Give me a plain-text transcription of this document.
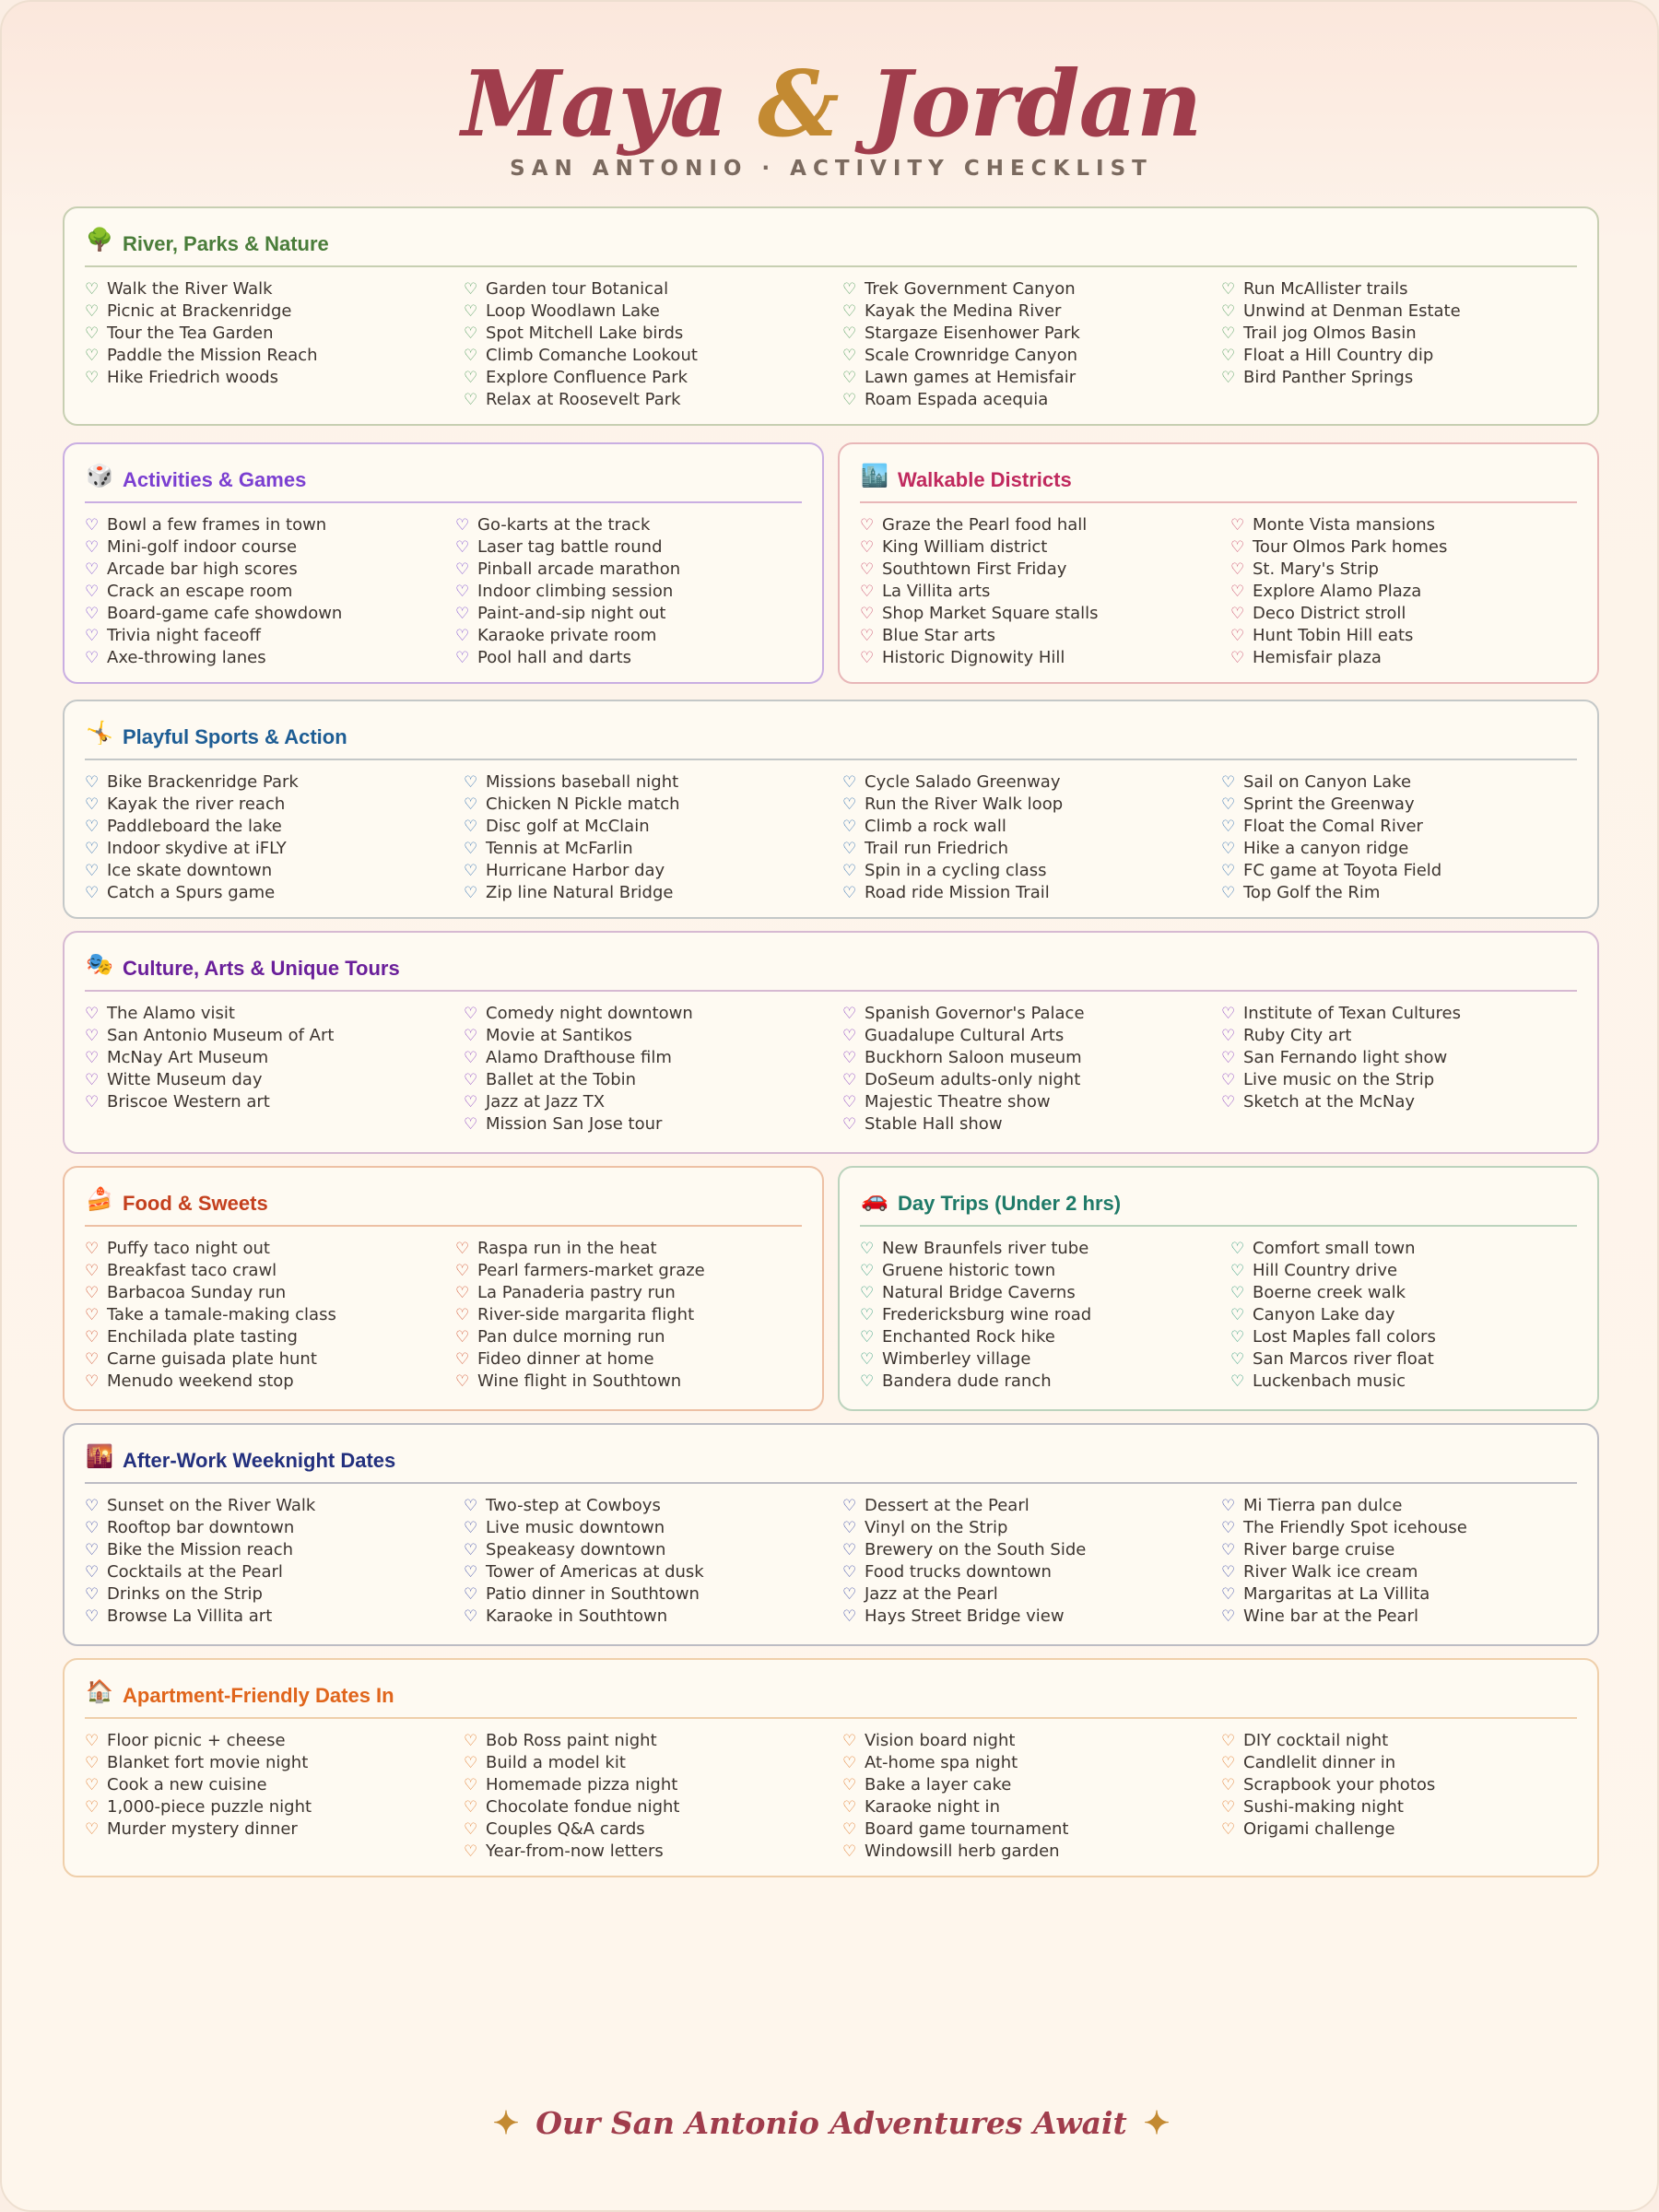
Maya & Jordan
SAN ANTONIO · ACTIVITY CHECKLIST
🌳 River, Parks & Nature
♡ Walk the River Walk
♡ Picnic at Brackenridge
♡ Tour the Tea Garden
♡ Paddle the Mission Reach
♡ Hike Friedrich woods
♡ Garden tour Botanical
♡ Loop Woodlawn Lake
♡ Spot Mitchell Lake birds
♡ Climb Comanche Lookout
♡ Explore Confluence Park
♡ Relax at Roosevelt Park
♡ Trek Government Canyon
♡ Kayak the Medina River
♡ Stargaze Eisenhower Park
♡ Scale Crownridge Canyon
♡ Lawn games at Hemisfair
♡ Roam Espada acequia
♡ Run McAllister trails
♡ Unwind at Denman Estate
♡ Trail jog Olmos Basin
♡ Float a Hill Country dip
♡ Bird Panther Springs
🎲 Activities & Games
♡ Bowl a few frames in town
♡ Mini-golf indoor course
♡ Arcade bar high scores
♡ Crack an escape room
♡ Board-game cafe showdown
♡ Trivia night faceoff
♡ Axe-throwing lanes
♡ Go-karts at the track
♡ Laser tag battle round
♡ Pinball arcade marathon
♡ Indoor climbing session
♡ Paint-and-sip night out
♡ Karaoke private room
♡ Pool hall and darts
🏙️ Walkable Districts
♡ Graze the Pearl food hall
♡ King William district
♡ Southtown First Friday
♡ La Villita arts
♡ Shop Market Square stalls
♡ Blue Star arts
♡ Historic Dignowity Hill
♡ Monte Vista mansions
♡ Tour Olmos Park homes
♡ St. Mary's Strip
♡ Explore Alamo Plaza
♡ Deco District stroll
♡ Hunt Tobin Hill eats
♡ Hemisfair plaza
🤸 Playful Sports & Action
♡ Bike Brackenridge Park
♡ Kayak the river reach
♡ Paddleboard the lake
♡ Indoor skydive at iFLY
♡ Ice skate downtown
♡ Catch a Spurs game
♡ Missions baseball night
♡ Chicken N Pickle match
♡ Disc golf at McClain
♡ Tennis at McFarlin
♡ Hurricane Harbor day
♡ Zip line Natural Bridge
♡ Cycle Salado Greenway
♡ Run the River Walk loop
♡ Climb a rock wall
♡ Trail run Friedrich
♡ Spin in a cycling class
♡ Road ride Mission Trail
♡ Sail on Canyon Lake
♡ Sprint the Greenway
♡ Float the Comal River
♡ Hike a canyon ridge
♡ FC game at Toyota Field
♡ Top Golf the Rim
🎭 Culture, Arts & Unique Tours
♡ The Alamo visit
♡ San Antonio Museum of Art
♡ McNay Art Museum
♡ Witte Museum day
♡ Briscoe Western art
♡ Comedy night downtown
♡ Movie at Santikos
♡ Alamo Drafthouse film
♡ Ballet at the Tobin
♡ Jazz at Jazz TX
♡ Mission San Jose tour
♡ Spanish Governor's Palace
♡ Guadalupe Cultural Arts
♡ Buckhorn Saloon museum
♡ DoSeum adults-only night
♡ Majestic Theatre show
♡ Stable Hall show
♡ Institute of Texan Cultures
♡ Ruby City art
♡ San Fernando light show
♡ Live music on the Strip
♡ Sketch at the McNay
🍰 Food & Sweets
♡ Puffy taco night out
♡ Breakfast taco crawl
♡ Barbacoa Sunday run
♡ Take a tamale-making class
♡ Enchilada plate tasting
♡ Carne guisada plate hunt
♡ Menudo weekend stop
♡ Raspa run in the heat
♡ Pearl farmers-market graze
♡ La Panaderia pastry run
♡ River-side margarita flight
♡ Pan dulce morning run
♡ Fideo dinner at home
♡ Wine flight in Southtown
🚗 Day Trips (Under 2 hrs)
♡ New Braunfels river tube
♡ Gruene historic town
♡ Natural Bridge Caverns
♡ Fredericksburg wine road
♡ Enchanted Rock hike
♡ Wimberley village
♡ Bandera dude ranch
♡ Comfort small town
♡ Hill Country drive
♡ Boerne creek walk
♡ Canyon Lake day
♡ Lost Maples fall colors
♡ San Marcos river float
♡ Luckenbach music
🌇 After-Work Weeknight Dates
♡ Sunset on the River Walk
♡ Rooftop bar downtown
♡ Bike the Mission reach
♡ Cocktails at the Pearl
♡ Drinks on the Strip
♡ Browse La Villita art
♡ Two-step at Cowboys
♡ Live music downtown
♡ Speakeasy downtown
♡ Tower of Americas at dusk
♡ Patio dinner in Southtown
♡ Karaoke in Southtown
♡ Dessert at the Pearl
♡ Vinyl on the Strip
♡ Brewery on the South Side
♡ Food trucks downtown
♡ Jazz at the Pearl
♡ Hays Street Bridge view
♡ Mi Tierra pan dulce
♡ The Friendly Spot icehouse
♡ River barge cruise
♡ River Walk ice cream
♡ Margaritas at La Villita
♡ Wine bar at the Pearl
🏠 Apartment-Friendly Dates In
♡ Floor picnic + cheese
♡ Blanket fort movie night
♡ Cook a new cuisine
♡ 1,000-piece puzzle night
♡ Murder mystery dinner
♡ Bob Ross paint night
♡ Build a model kit
♡ Homemade pizza night
♡ Chocolate fondue night
♡ Couples Q&A cards
♡ Year-from-now letters
♡ Vision board night
♡ At-home spa night
♡ Bake a layer cake
♡ Karaoke night in
♡ Board game tournament
♡ Windowsill herb garden
♡ DIY cocktail night
♡ Candlelit dinner in
♡ Scrapbook your photos
♡ Sushi-making night
♡ Origami challenge
✦ Our San Antonio Adventures Await ✦
